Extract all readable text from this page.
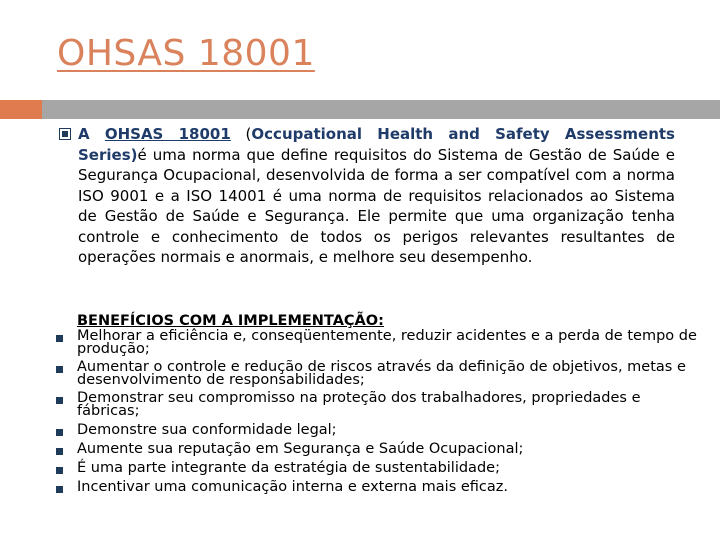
OHSAS 18001

A OHSAS 18001 (Occupational Health and Safety Assessments Series)é uma norma que define requisitos do Sistema de Gestão de Saúde e Segurança Ocupacional, desenvolvida de forma a ser compatível com a norma ISO 9001 e a ISO 14001 é uma norma de requisitos relacionados ao Sistema de Gestão de Saúde e Segurança. Ele permite que uma organização tenha controle e conhecimento de todos os perigos relevantes resultantes de operações normais e anormais, e melhore seu desempenho.

BENEFÍCIOS COM A IMPLEMENTAÇÃO:
Melhorar a eficiência e, conseqüentemente, reduzir acidentes e a perda de tempo de produção;
Aumentar o controle e redução de riscos através da definição de objetivos, metas e desenvolvimento de responsabilidades;
Demonstrar seu compromisso na proteção dos trabalhadores, propriedades e fábricas;
Demonstre sua conformidade legal;
Aumente sua reputação em Segurança e Saúde Ocupacional;
É uma parte integrante da estratégia de sustentabilidade;
Incentivar uma comunicação interna e externa mais eficaz.
